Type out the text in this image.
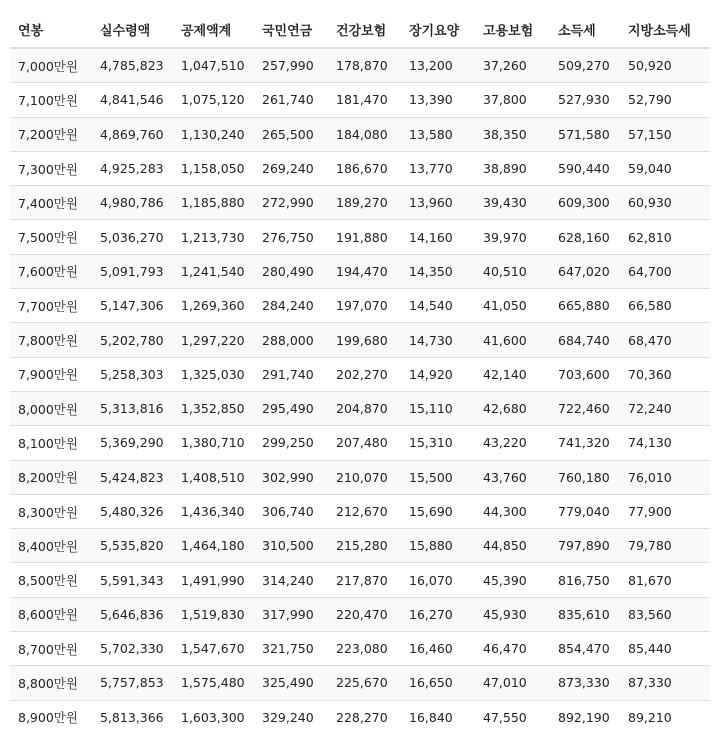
연봉	실수령액	공제액계	국민연금	건강보험	장기요양	고용보험	소득세	지방소득세
7,000만원	4,785,823	1,047,510	257,990	178,870	13,200	37,260	509,270	50,920
7,100만원	4,841,546	1,075,120	261,740	181,470	13,390	37,800	527,930	52,790
7,200만원	4,869,760	1,130,240	265,500	184,080	13,580	38,350	571,580	57,150
7,300만원	4,925,283	1,158,050	269,240	186,670	13,770	38,890	590,440	59,040
7,400만원	4,980,786	1,185,880	272,990	189,270	13,960	39,430	609,300	60,930
7,500만원	5,036,270	1,213,730	276,750	191,880	14,160	39,970	628,160	62,810
7,600만원	5,091,793	1,241,540	280,490	194,470	14,350	40,510	647,020	64,700
7,700만원	5,147,306	1,269,360	284,240	197,070	14,540	41,050	665,880	66,580
7,800만원	5,202,780	1,297,220	288,000	199,680	14,730	41,600	684,740	68,470
7,900만원	5,258,303	1,325,030	291,740	202,270	14,920	42,140	703,600	70,360
8,000만원	5,313,816	1,352,850	295,490	204,870	15,110	42,680	722,460	72,240
8,100만원	5,369,290	1,380,710	299,250	207,480	15,310	43,220	741,320	74,130
8,200만원	5,424,823	1,408,510	302,990	210,070	15,500	43,760	760,180	76,010
8,300만원	5,480,326	1,436,340	306,740	212,670	15,690	44,300	779,040	77,900
8,400만원	5,535,820	1,464,180	310,500	215,280	15,880	44,850	797,890	79,780
8,500만원	5,591,343	1,491,990	314,240	217,870	16,070	45,390	816,750	81,670
8,600만원	5,646,836	1,519,830	317,990	220,470	16,270	45,930	835,610	83,560
8,700만원	5,702,330	1,547,670	321,750	223,080	16,460	46,470	854,470	85,440
8,800만원	5,757,853	1,575,480	325,490	225,670	16,650	47,010	873,330	87,330
8,900만원	5,813,366	1,603,300	329,240	228,270	16,840	47,550	892,190	89,210
